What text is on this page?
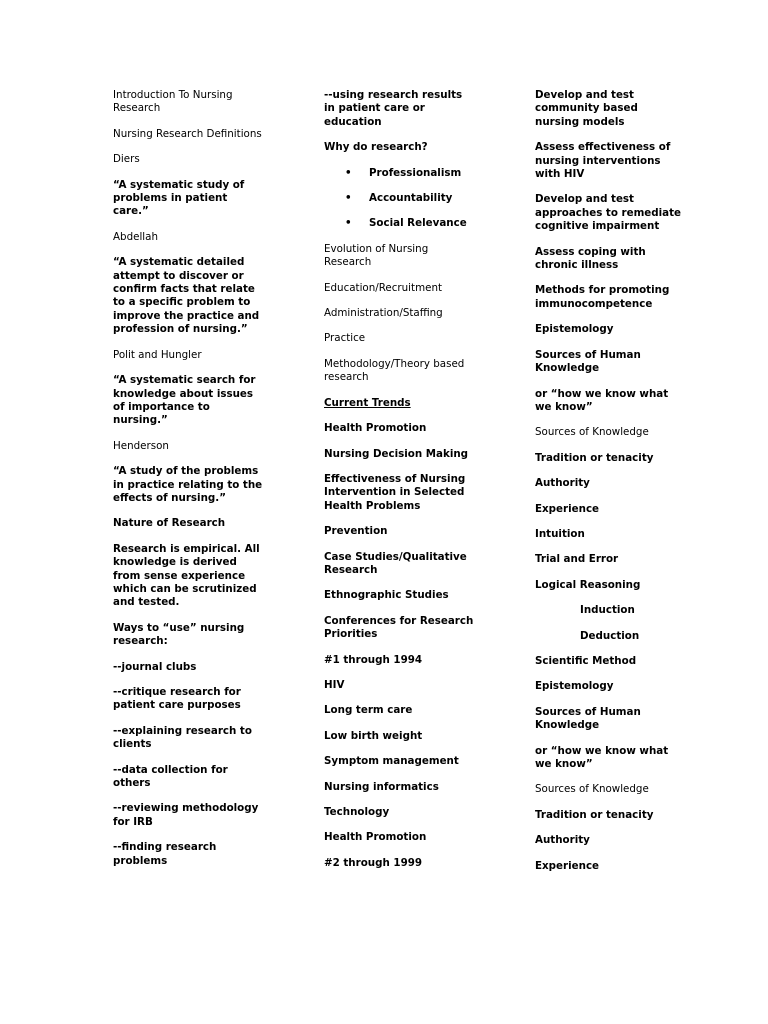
Introduction To Nursing Research
Nursing Research Definitions
Diers
“A systematic study of problems in patient care.”
Abdellah
“A systematic detailed attempt to discover or confirm facts that relate to a specific problem to improve the practice and profession of nursing.”
Polit and Hungler
“A systematic search for knowledge about issues of importance to nursing.”
Henderson
“A study of the problems in practice relating to the effects of nursing.”
Nature of Research
Research is empirical. All knowledge is derived from sense experience which can be scrutinized and tested.
Ways to “use” nursing research:
--journal clubs
--critique research for patient care purposes
--explaining research to clients
--data collection for others
--reviewing methodology for IRB
--finding research problems
--using research results in patient care or education
Why do research?
• Professionalism
• Accountability
• Social Relevance
Evolution of Nursing Research
Education/Recruitment
Administration/Staffing
Practice
Methodology/Theory based research
Current Trends
Health Promotion
Nursing Decision Making
Effectiveness of Nursing Intervention in Selected Health Problems
Prevention
Case Studies/Qualitative Research
Ethnographic Studies
Conferences for Research Priorities
#1 through 1994
HIV
Long term care
Low birth weight
Symptom management
Nursing informatics
Technology
Health Promotion
#2 through 1999
Develop and test community based nursing models
Assess effectiveness of nursing interventions with HIV
Develop and test approaches to remediate cognitive impairment
Assess coping with chronic illness
Methods for promoting immunocompetence
Epistemology
Sources of Human Knowledge
or “how we know what we know”
Sources of Knowledge
Tradition or tenacity
Authority
Experience
Intuition
Trial and Error
Logical Reasoning
Induction
Deduction
Scientific Method
Epistemology
Sources of Human Knowledge
or “how we know what we know”
Sources of Knowledge
Tradition or tenacity
Authority
Experience
